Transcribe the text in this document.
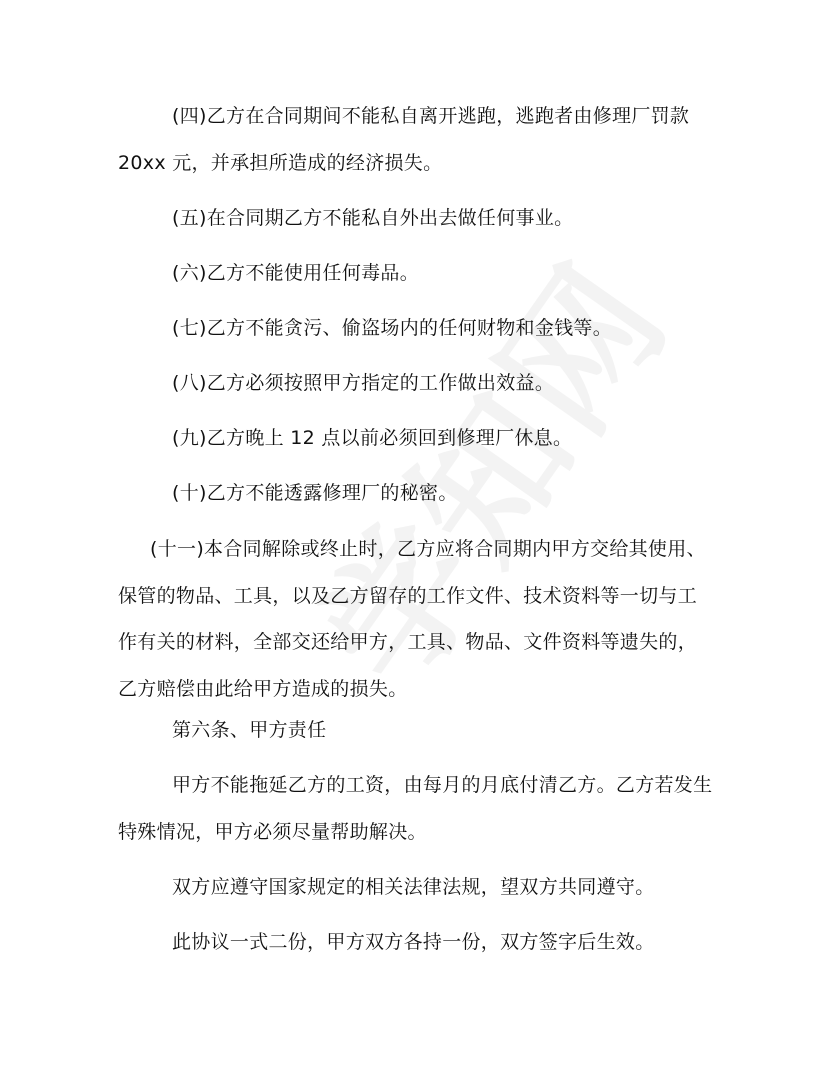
(四)乙方在合同期间不能私自离开逃跑，逃跑者由修理厂罚款
20xx 元，并承担所造成的经济损失。
(五)在合同期乙方不能私自外出去做任何事业。
(六)乙方不能使用任何毒品。
(七)乙方不能贪污、偷盗场内的任何财物和金钱等。
(八)乙方必须按照甲方指定的工作做出效益。
(九)乙方晚上 12 点以前必须回到修理厂休息。
(十)乙方不能透露修理厂的秘密。
(十一)本合同解除或终止时，乙方应将合同期内甲方交给其使用、
保管的物品、工具，以及乙方留存的工作文件、技术资料等一切与工
作有关的材料，全部交还给甲方，工具、物品、文件资料等遗失的，
乙方赔偿由此给甲方造成的损失。
第六条、甲方责任
甲方不能拖延乙方的工资，由每月的月底付清乙方。乙方若发生
特殊情况，甲方必须尽量帮助解决。
双方应遵守国家规定的相关法律法规，望双方共同遵守。
此协议一式二份，甲方双方各持一份，双方签字后生效。
